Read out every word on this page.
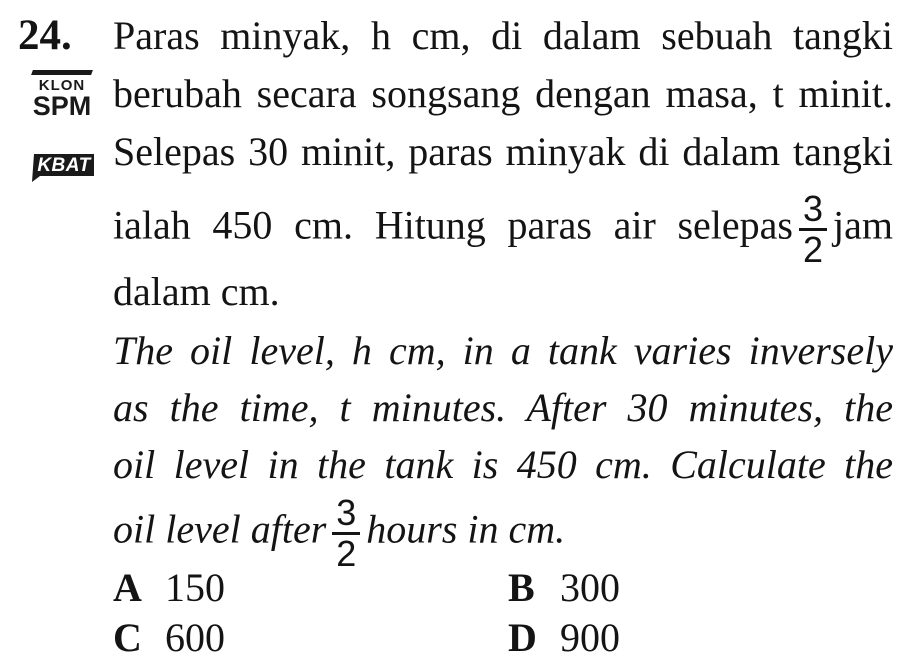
24.
KLON
SPM
KBAT
Paras minyak, h cm, di dalam sebuah tangki
berubah secara songsang dengan masa, t minit.
Selepas 30 minit, paras minyak di dalam tangki
ialah 450 cm. Hitung paras air selepas $\frac{3}{2}$ jam
dalam cm.
The oil level, h cm, in a tank varies inversely
as the time, t minutes. After 30 minutes, the
oil level in the tank is 450 cm. Calculate the
oil level after $\frac{3}{2}$ hours in cm.
A 150	B 300
C 600	D 900
